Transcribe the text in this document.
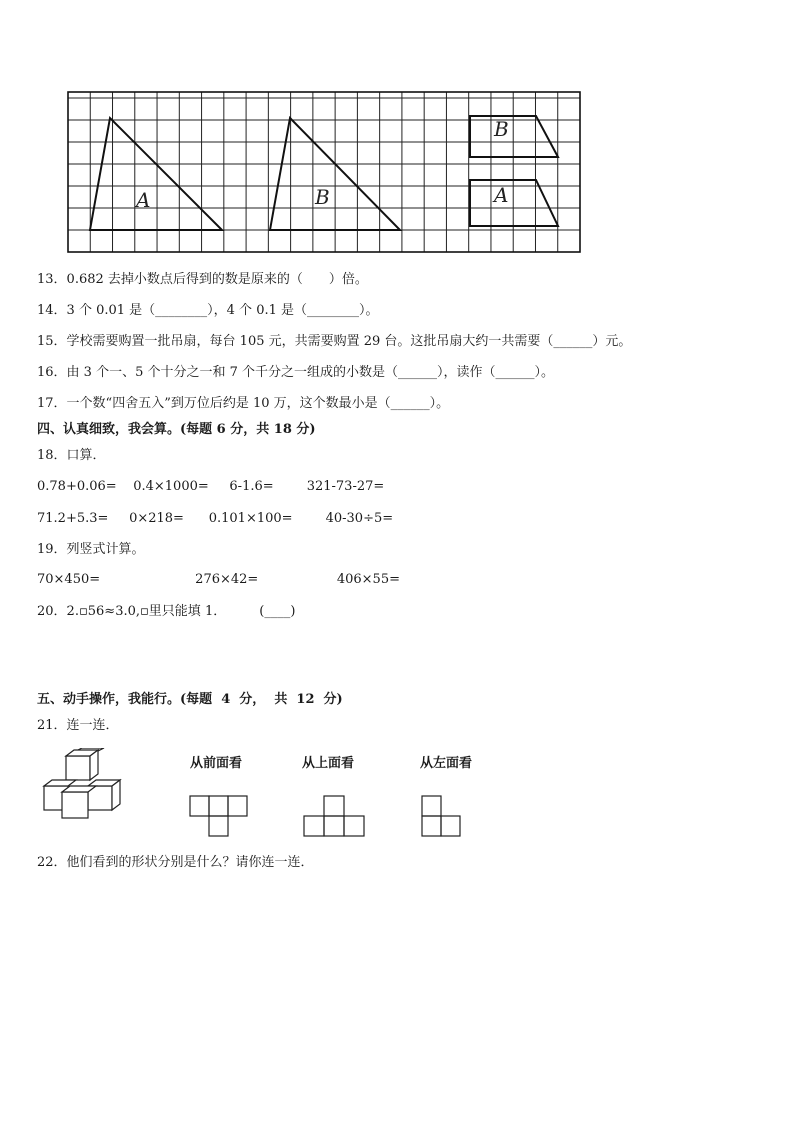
A	B
B
A
13．0.682 去掉小数点后得到的数是原来的（　　）倍。
14．3 个 0.01 是（________），4 个 0.1 是（________）。
15．学校需要购置一批吊扇，每台 105 元，共需要购置 29 台。这批吊扇大约一共需要（______）元。
16．由 3 个一、5 个十分之一和 7 个千分之一组成的小数是（______），读作（______）。
17．一个数“四舍五入”到万位后约是 10 万，这个数最小是（______）。
四、认真细致，我会算。(每题 6 分，共 18 分)
18．口算．
0.78+0.06=    0.4×1000=     6-1.6=        321-73-27=
71.2+5.3=     0×218=      0.101×100=        40-30÷5=
19．列竖式计算。
70×450=                       276×42=                   406×55=
20．2.▫56≈3.0,▫里只能填 1．        (____)
五、动手操作，我能行。(每题  4  分，  共  12  分)
21．连一连．
从前面看	从上面看	从左面看
22．他们看到的形状分别是什么？请你连一连．
